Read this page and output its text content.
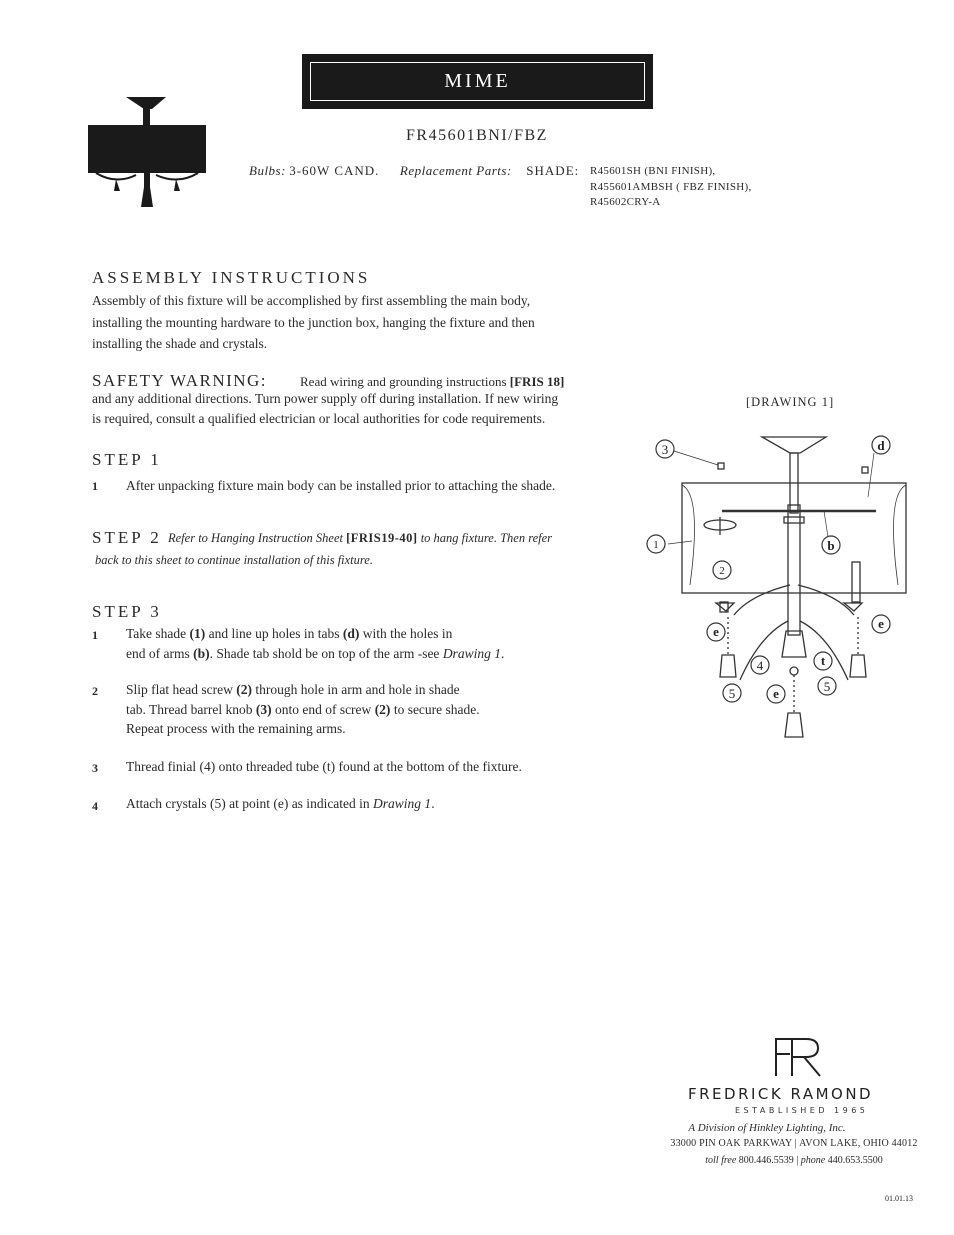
MIME
FR45601BNI/FBZ
Bulbs: 3-60W CAND. Replacement Parts: SHADE: R45601SH (BNI FINISH),
R455601AMBSH ( FBZ FINISH),
R45602CRY-A
ASSEMBLY INSTRUCTIONS
Assembly of this fixture will be accomplished by first assembling the main body,
installing the mounting hardware to the junction box, hanging the fixture and then
installing the shade and crystals.
SAFETY WARNING:	Read wiring and grounding instructions [FRIS 18]
and any additional directions. Turn power supply off during installation. If new wiring
is required, consult a qualified electrician or local authorities for code requirements.
STEP 1
1 After unpacking fixture main body can be installed prior to attaching the shade.
STEP 2 Refer to Hanging Instruction Sheet [FRIS19-40] to hang fixture. Then refer
back to this sheet to continue installation of this fixture.
STEP 3
1 Take shade (1) and line up holes in tabs (d) with the holes in
end of arms (b). Shade tab shold be on top of the arm -see Drawing 1.
2 Slip flat head screw (2) through hole in arm and hole in shade
tab. Thread barrel knob (3) onto end of screw (2) to secure shade.
Repeat process with the remaining arms.
3 Thread finial (4) onto threaded tube (t) found at the bottom of the fixture.
4 Attach crystals (5) at point (e) as indicated in Drawing 1.
[DRAWING 1]
3	d
1	b
2
e
e
4	t
5	e	5
FREDRICK RAMOND
ESTABLISHED 1965
A Division of Hinkley Lighting, Inc.
33000 PIN OAK PARKWAY | AVON LAKE, OHIO 44012
toll free 800.446.5539 | phone 440.653.5500
01.01.13
